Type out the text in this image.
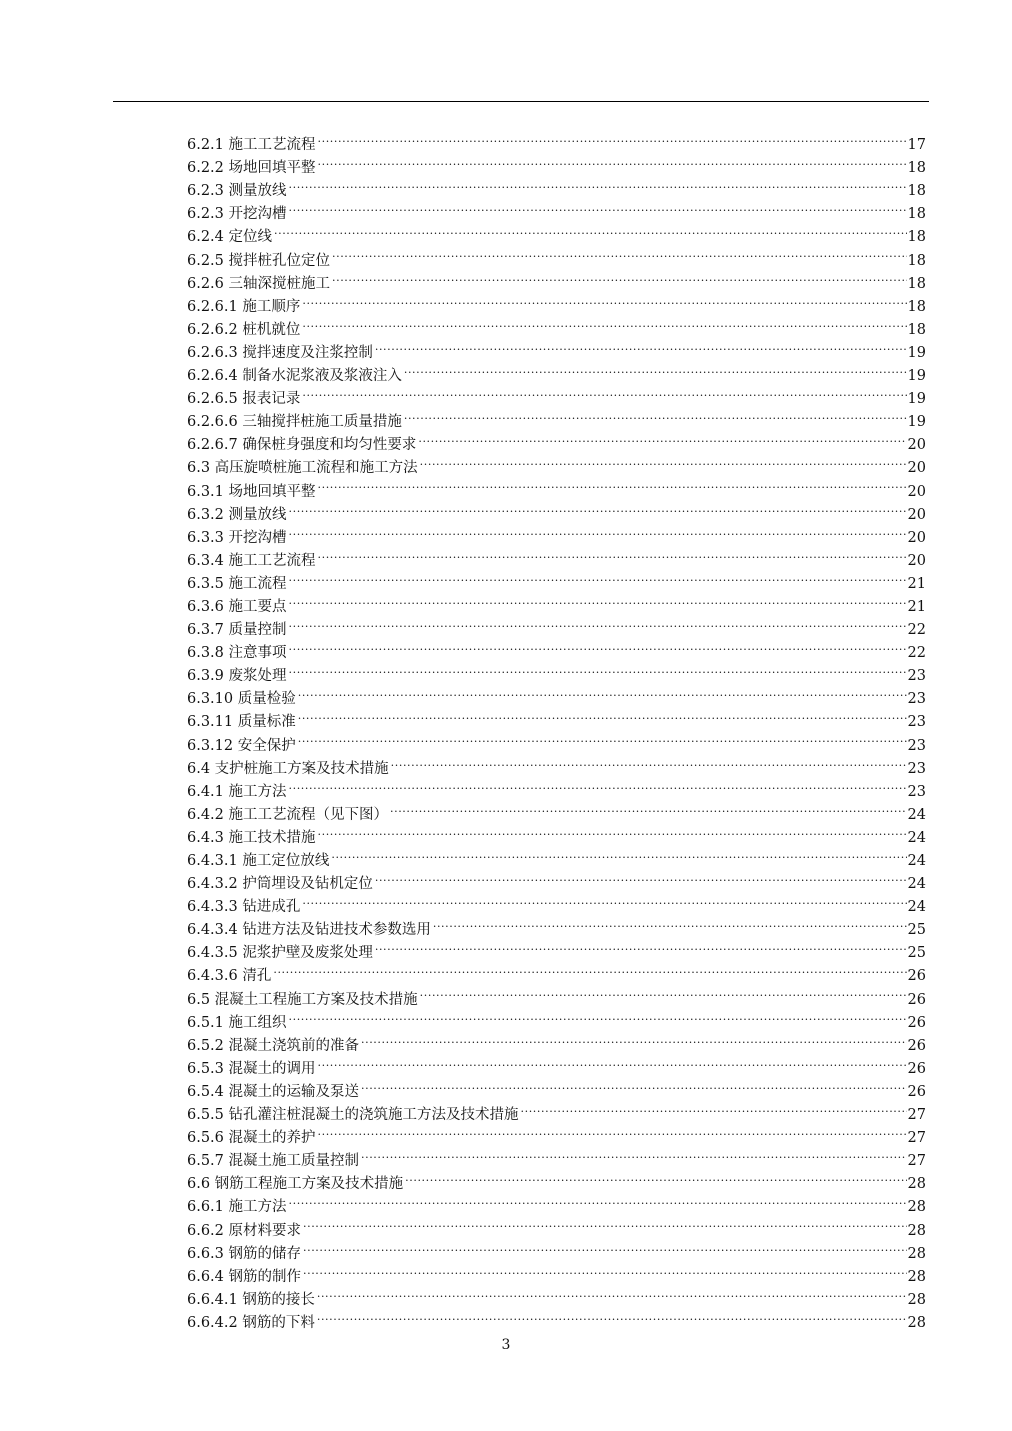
6.2.1 施工工艺流程 .....	17
6.2.2 场地回填平整 .....	18
6.2.3 测量放线 .....	18
6.2.3 开挖沟槽 .....	18
6.2.4 定位线 .....	18
6.2.5 搅拌桩孔位定位 .....	18
6.2.6 三轴深搅桩施工 .....	18
6.2.6.1 施工顺序 .....	18
6.2.6.2 桩机就位 .....	18
6.2.6.3 搅拌速度及注浆控制 .....	19
6.2.6.4 制备水泥浆液及浆液注入 .....	19
6.2.6.5 报表记录 .....	19
6.2.6.6 三轴搅拌桩施工质量措施 .....	19
6.2.6.7 确保桩身强度和均匀性要求 .....	20
6.3 高压旋喷桩施工流程和施工方法 .....	20
6.3.1 场地回填平整 .....	20
6.3.2 测量放线 .....	20
6.3.3 开挖沟槽 .....	20
6.3.4 施工工艺流程 .....	20
6.3.5 施工流程 .....	21
6.3.6 施工要点 .....	21
6.3.7 质量控制 .....	22
6.3.8 注意事项 .....	22
6.3.9 废浆处理 .....	23
6.3.10 质量检验 .....	23
6.3.11 质量标准 .....	23
6.3.12 安全保护 .....	23
6.4 支护桩施工方案及技术措施 .....	23
6.4.1 施工方法 .....	23
6.4.2 施工工艺流程（见下图） .....	24
6.4.3 施工技术措施 .....	24
6.4.3.1 施工定位放线 .....	24
6.4.3.2 护筒埋设及钻机定位 .....	24
6.4.3.3 钻进成孔 .....	24
6.4.3.4 钻进方法及钻进技术参数选用 .....	25
6.4.3.5 泥浆护壁及废浆处理 .....	25
6.4.3.6 清孔 .....	26
6.5 混凝土工程施工方案及技术措施 .....	26
6.5.1 施工组织 .....	26
6.5.2 混凝土浇筑前的准备 .....	26
6.5.3 混凝土的调用 .....	26
6.5.4 混凝土的运输及泵送 .....	26
6.5.5 钻孔灌注桩混凝土的浇筑施工方法及技术措施 .....	27
6.5.6 混凝土的养护 .....	27
6.5.7 混凝土施工质量控制 .....	27
6.6 钢筋工程施工方案及技术措施 .....	28
6.6.1 施工方法 .....	28
6.6.2 原材料要求 .....	28
6.6.3 钢筋的储存 .....	28
6.6.4 钢筋的制作 .....	28
6.6.4.1 钢筋的接长 .....	28
6.6.4.2 钢筋的下料 .....	28
3
